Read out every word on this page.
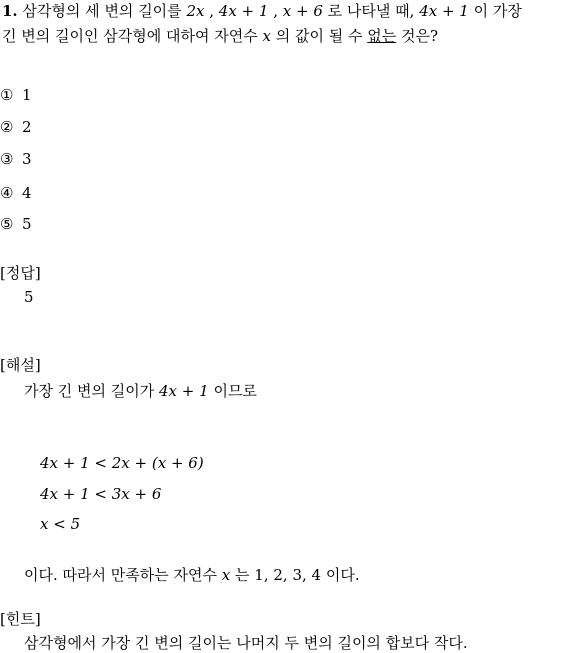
1. 삼각형의 세 변의 길이를 2x , 4x + 1 , x + 6 로 나타낼 때, 4x + 1 이 가장
긴 변의 길이인 삼각형에 대하여 자연수 x 의 값이 될 수 없는 것은?
① 1
② 2
③ 3
④ 4
⑤ 5
[정답]
5
[해설]
가장 긴 변의 길이가 4x + 1 이므로
4x + 1 < 2x + (x + 6)
4x + 1 < 3x + 6
x < 5
이다. 따라서 만족하는 자연수 x 는 1, 2, 3, 4 이다.
[힌트]
삼각형에서 가장 긴 변의 길이는 나머지 두 변의 길이의 합보다 작다.
